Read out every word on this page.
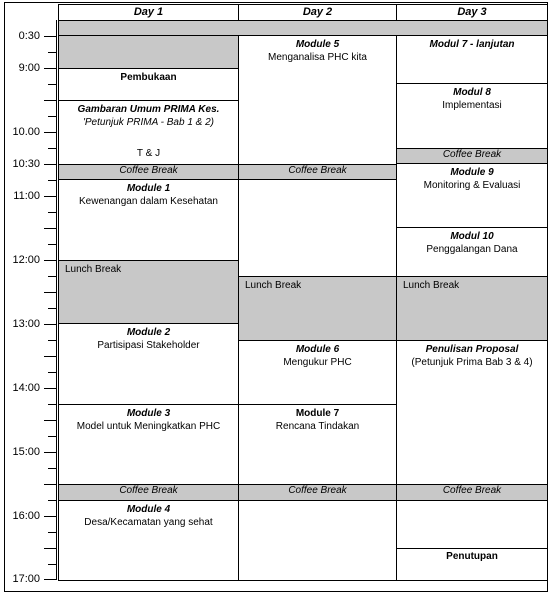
0:30
9:00
10.00
10:30
11:00
12:00
13:00
14:00
15:00
16:00
17:00
Day 1	Day 2	Day 3
Pembukaan
Gambaran Umum PRIMA Kes.
'Petunjuk PRIMA - Bab 1 & 2)
T & J
Coffee Break
Module 1
Kewenangan dalam Kesehatan
Lunch Break
Module 2
Partisipasi Stakeholder
Module 3
Model untuk Meningkatkan PHC
Coffee Break
Module 4
Desa/Kecamatan yang sehat
Module 5
Menganalisa PHC kita
Coffee Break
Lunch Break
Module 6
Mengukur PHC
Module 7
Rencana Tindakan
Coffee Break
Modul 7 - lanjutan
Modul 8
Implementasi
Coffee Break
Module 9
Monitoring & Evaluasi
Modul 10
Penggalangan Dana
Lunch Break
Penulisan Proposal
(Petunjuk Prima Bab 3 & 4)
Coffee Break
Penutupan
